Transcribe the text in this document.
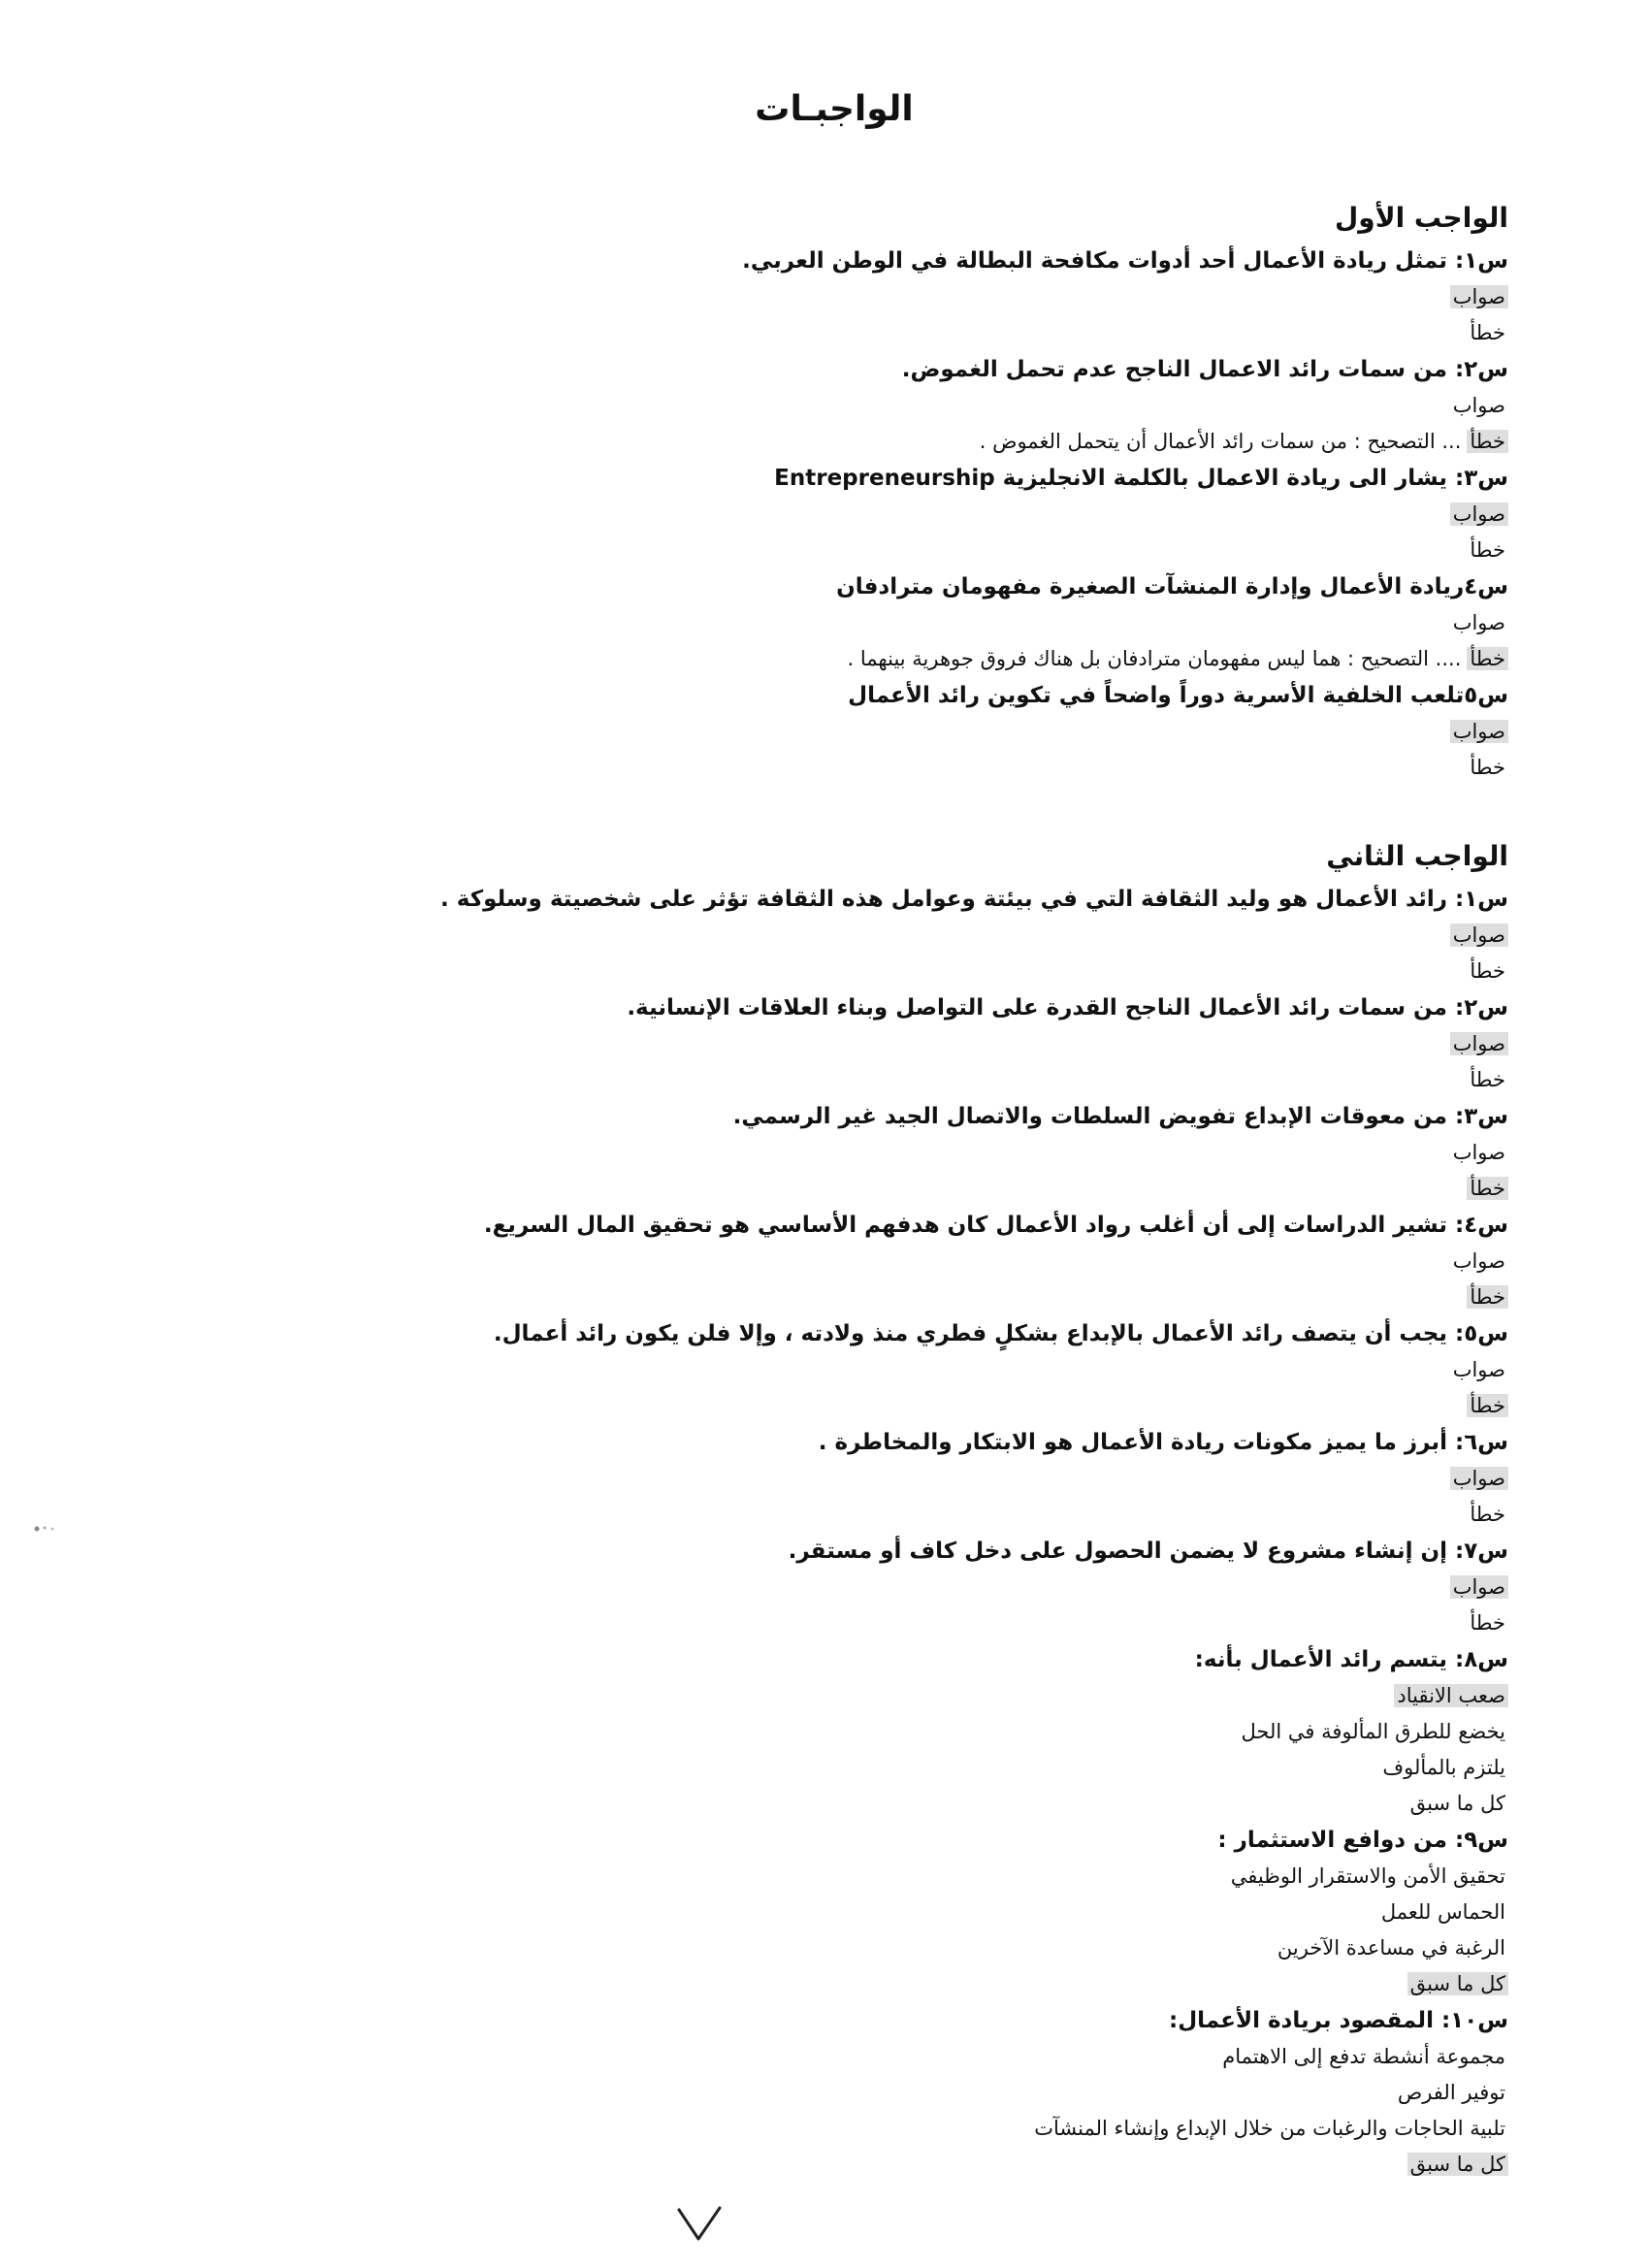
الواجبـات
الواجب الأول

س١: تمثل ريادة الأعمال أحد أدوات مكافحة البطالة في الوطن العربي.

صواب

خطأ

س٢: من سمات رائد الاعمال الناجح عدم تحمل الغموض.

صواب

خطأ... التصحيح : من سمات رائد الأعمال أن يتحمل الغموض .

س٣: يشار الى ريادة الاعمال بالكلمة الانجليزية Entrepreneurship

صواب

خطأ

س٤ريادة الأعمال وإدارة المنشآت الصغيرة مفهومان مترادفان

صواب

خطأ.... التصحيح : هما ليس مفهومان مترادفان بل هناك فروق جوهرية بينهما .

س٥تلعب الخلفية الأسرية دوراً واضحاً في تكوين رائد الأعمال

صواب

خطأ

الواجب الثاني

س١: رائد الأعمال هو وليد الثقافة التي في بيئتة وعوامل هذه الثقافة تؤثر على شخصيتة وسلوكة .

صواب

خطأ

س٢: من سمات رائد الأعمال الناجح القدرة على التواصل وبناء العلاقات الإنسانية.

صواب

خطأ

س٣: من معوقات الإبداع تفويض السلطات والاتصال الجيد غير الرسمي.

صواب

خطأ

س٤: تشير الدراسات إلى أن أغلب رواد الأعمال كان هدفهم الأساسي هو تحقيق المال السريع.

صواب

خطأ

س٥: يجب أن يتصف رائد الأعمال بالإبداع بشكلٍ فطري منذ ولادته ، وإلا فلن يكون رائد أعمال.

صواب

خطأ

س٦: أبرز ما يميز مكونات ريادة الأعمال هو الابتكار والمخاطرة .

صواب

خطأ

س٧: إن إنشاء مشروع لا يضمن الحصول على دخل كاف أو مستقر.

صواب

خطأ

س٨: يتسم رائد الأعمال بأنه:

صعب الانقياد

يخضع للطرق المألوفة في الحل

يلتزم بالمألوف

كل ما سبق

س٩: من دوافع الاستثمار :

تحقيق الأمن والاستقرار الوظيفي

الحماس للعمل

الرغبة في مساعدة الآخرين

كل ما سبق

س١٠: المقصود بريادة الأعمال:

مجموعة أنشطة تدفع إلى الاهتمام

توفير الفرص

تلبية الحاجات والرغبات من خلال الإبداع وإنشاء المنشآت

كل ما سبق
